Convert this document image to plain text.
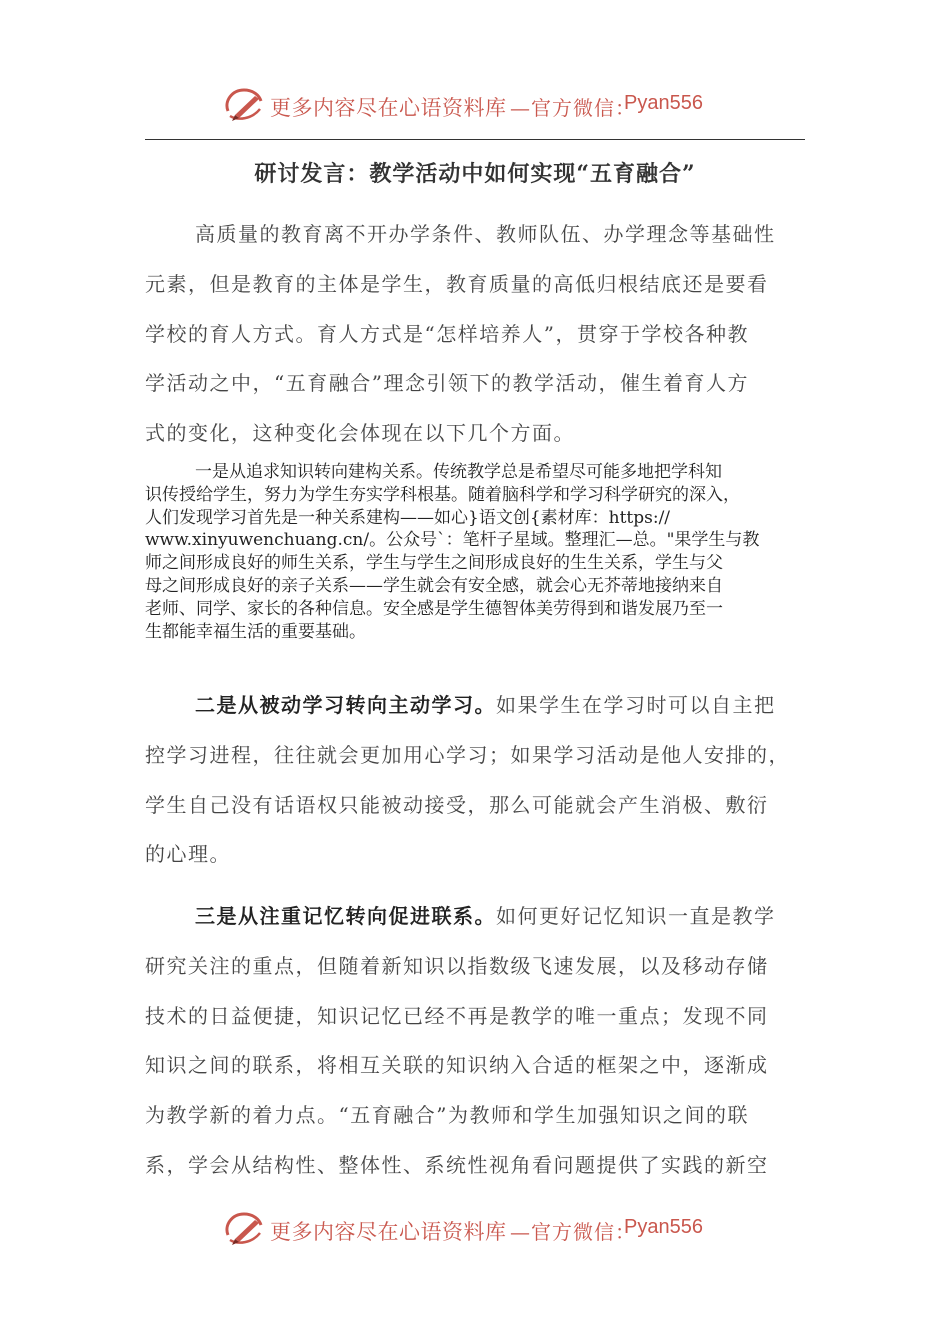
更多内容尽在心语资料库 —官方微信：
Pyan556
研讨发言：教学活动中如何实现“五育融合”
高质量的教育离不开办学条件、教师队伍、办学理念等基础性
元素，但是教育的主体是学生，教育质量的高低归根结底还是要看
学校的育人方式。育人方式是“怎样培养人”，贯穿于学校各种教
学活动之中，“五育融合”理念引领下的教学活动，催生着育人方
式的变化，这种变化会体现在以下几个方面。
一是从追求知识转向建构关系。传统教学总是希望尽可能多地把学科知
识传授给学生，努力为学生夯实学科根基。随着脑科学和学习科学研究的深入，
人们发现学习首先是一种关系建构——如心}语文创{素材库：https://
www.xinyuwenchuang.cn/。公众号`：笔杆子星域。整理汇—总。"果学生与教
师之间形成良好的师生关系，学生与学生之间形成良好的生生关系，学生与父
母之间形成良好的亲子关系——学生就会有安全感，就会心无芥蒂地接纳来自
老师、同学、家长的各种信息。安全感是学生德智体美劳得到和谐发展乃至一
生都能幸福生活的重要基础。
二是从被动学习转向主动学习。如果学生在学习时可以自主把
控学习进程，往往就会更加用心学习；如果学习活动是他人安排的，
学生自己没有话语权只能被动接受，那么可能就会产生消极、敷衍
的心理。
三是从注重记忆转向促进联系。如何更好记忆知识一直是教学
研究关注的重点，但随着新知识以指数级飞速发展，以及移动存储
技术的日益便捷，知识记忆已经不再是教学的唯一重点；发现不同
知识之间的联系，将相互关联的知识纳入合适的框架之中，逐渐成
为教学新的着力点。“五育融合”为教师和学生加强知识之间的联
系，学会从结构性、整体性、系统性视角看问题提供了实践的新空
更多内容尽在心语资料库 —官方微信：
Pyan556
